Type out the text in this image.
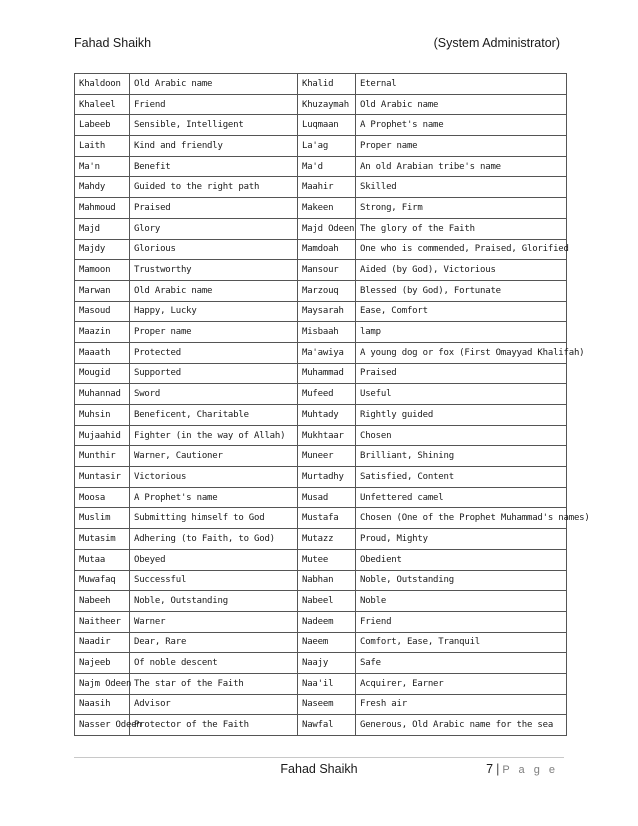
Fahad Shaikh	(System Administrator)
Khaldoon	Old Arabic name	Khalid	Eternal
Khaleel	Friend	Khuzaymah	Old Arabic name
Labeeb	Sensible, Intelligent	Luqmaan	A Prophet's name
Laith	Kind and friendly	La'ag	Proper name
Ma'n	Benefit	Ma'd	An old Arabian tribe's name
Mahdy	Guided to the right path	Maahir	Skilled
Mahmoud	Praised	Makeen	Strong, Firm
Majd	Glory	Majd Odeen	The glory of the Faith
Majdy	Glorious	Mamdoah	One who is commended, Praised, Glorified
Mamoon	Trustworthy	Mansour	Aided (by God), Victorious
Marwan	Old Arabic name	Marzouq	Blessed (by God), Fortunate
Masoud	Happy, Lucky	Maysarah	Ease, Comfort
Maazin	Proper name	Misbaah	lamp
Maaath	Protected	Ma'awiya	A young dog or fox (First Omayyad Khalifah)
Mougid	Supported	Muhammad	Praised
Muhannad	Sword	Mufeed	Useful
Muhsin	Beneficent, Charitable	Muhtady	Rightly guided
Mujaahid	Fighter (in the way of Allah)	Mukhtaar	Chosen
Munthir	Warner, Cautioner	Muneer	Brilliant, Shining
Muntasir	Victorious	Murtadhy	Satisfied, Content
Moosa	A Prophet's name	Musad	Unfettered camel
Muslim	Submitting himself to God	Mustafa	Chosen (One of the Prophet Muhammad's names)
Mutasim	Adhering (to Faith, to God)	Mutazz	Proud, Mighty
Mutaa	Obeyed	Mutee	Obedient
Muwafaq	Successful	Nabhan	Noble, Outstanding
Nabeeh	Noble, Outstanding	Nabeel	Noble
Naitheer	Warner	Nadeem	Friend
Naadir	Dear, Rare	Naeem	Comfort, Ease, Tranquil
Najeeb	Of noble descent	Naajy	Safe
Najm Odeen	The star of the Faith	Naa'il	Acquirer, Earner
Naasih	Advisor	Naseem	Fresh air
Nasser Odeen	Protector of the Faith	Nawfal	Generous, Old Arabic name for the sea
Fahad Shaikh	7 | P a g e
